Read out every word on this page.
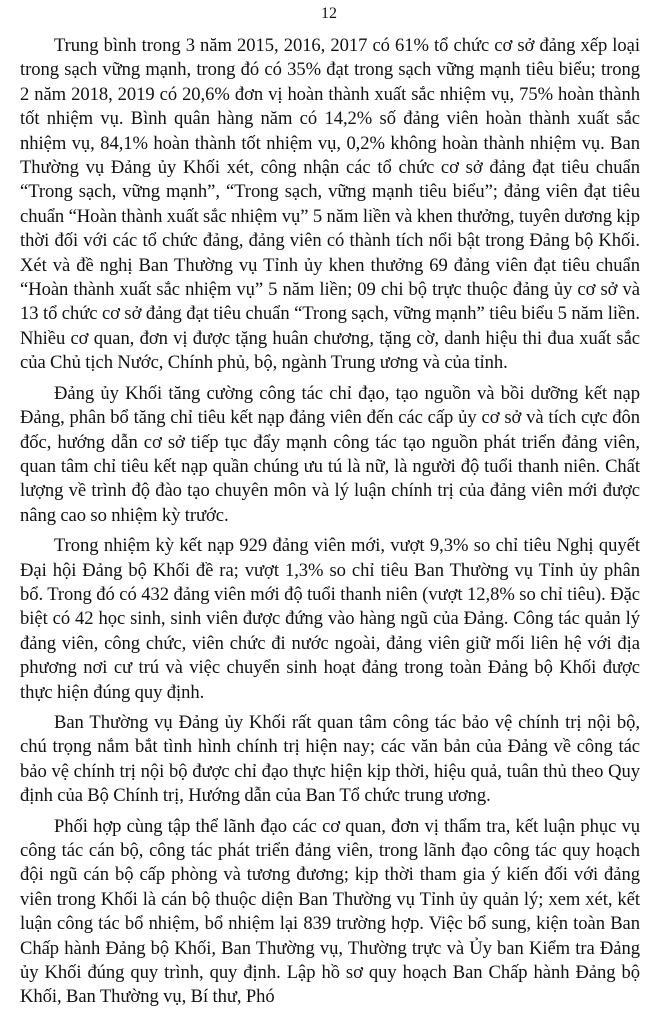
12

Trung bình trong 3 năm 2015, 2016, 2017 có 61% tổ chức cơ sở đảng xếp loại trong sạch vững mạnh, trong đó có 35% đạt trong sạch vững mạnh tiêu biểu; trong 2 năm 2018, 2019 có 20,6% đơn vị hoàn thành xuất sắc nhiệm vụ, 75% hoàn thành tốt nhiệm vụ. Bình quân hàng năm có 14,2% số đảng viên hoàn thành xuất sắc nhiệm vụ, 84,1% hoàn thành tốt nhiệm vụ, 0,2% không hoàn thành nhiệm vụ. Ban Thường vụ Đảng ủy Khối xét, công nhận các tổ chức cơ sở đảng đạt tiêu chuẩn “Trong sạch, vững mạnh”, “Trong sạch, vững mạnh tiêu biểu”; đảng viên đạt tiêu chuẩn “Hoàn thành xuất sắc nhiệm vụ” 5 năm liền và khen thưởng, tuyên dương kịp thời đối với các tổ chức đảng, đảng viên có thành tích nổi bật trong Đảng bộ Khối. Xét và đề nghị Ban Thường vụ Tỉnh ủy khen thưởng 69 đảng viên đạt tiêu chuẩn “Hoàn thành xuất sắc nhiệm vụ” 5 năm liền; 09 chi bộ trực thuộc đảng ủy cơ sở và 13 tổ chức cơ sở đảng đạt tiêu chuẩn “Trong sạch, vững mạnh” tiêu biểu 5 năm liền. Nhiều cơ quan, đơn vị được tặng huân chương, tặng cờ, danh hiệu thi đua xuất sắc của Chủ tịch Nước, Chính phủ, bộ, ngành Trung ương và của tỉnh.

Đảng ủy Khối tăng cường công tác chỉ đạo, tạo nguồn và bồi dưỡng kết nạp Đảng, phân bổ tăng chỉ tiêu kết nạp đảng viên đến các cấp ủy cơ sở và tích cực đôn đốc, hướng dẫn cơ sở tiếp tục đẩy mạnh công tác tạo nguồn phát triển đảng viên, quan tâm chỉ tiêu kết nạp quần chúng ưu tú là nữ, là người độ tuổi thanh niên. Chất lượng về trình độ đào tạo chuyên môn và lý luận chính trị của đảng viên mới được nâng cao so nhiệm kỳ trước.

Trong nhiệm kỳ kết nạp 929 đảng viên mới, vượt 9,3% so chỉ tiêu Nghị quyết Đại hội Đảng bộ Khối đề ra; vượt 1,3% so chỉ tiêu Ban Thường vụ Tỉnh ủy phân bổ. Trong đó có 432 đảng viên mới độ tuổi thanh niên (vượt 12,8% so chỉ tiêu). Đặc biệt có 42 học sinh, sinh viên được đứng vào hàng ngũ của Đảng. Công tác quản lý đảng viên, công chức, viên chức đi nước ngoài, đảng viên giữ mối liên hệ với địa phương nơi cư trú và việc chuyển sinh hoạt đảng trong toàn Đảng bộ Khối được thực hiện đúng quy định.

Ban Thường vụ Đảng ủy Khối rất quan tâm công tác bảo vệ chính trị nội bộ, chú trọng nắm bắt tình hình chính trị hiện nay; các văn bản của Đảng về công tác bảo vệ chính trị nội bộ được chỉ đạo thực hiện kịp thời, hiệu quả, tuân thủ theo Quy định của Bộ Chính trị, Hướng dẫn của Ban Tổ chức trung ương.

Phối hợp cùng tập thể lãnh đạo các cơ quan, đơn vị thẩm tra, kết luận phục vụ công tác cán bộ, công tác phát triển đảng viên, trong lãnh đạo công tác quy hoạch đội ngũ cán bộ cấp phòng và tương đương; kịp thời tham gia ý kiến đối với đảng viên trong Khối là cán bộ thuộc diện Ban Thường vụ Tỉnh ủy quản lý; xem xét, kết luận công tác bổ nhiệm, bổ nhiệm lại 839 trường hợp. Việc bổ sung, kiện toàn Ban Chấp hành Đảng bộ Khối, Ban Thường vụ, Thường trực và Ủy ban Kiểm tra Đảng ủy Khối đúng quy trình, quy định. Lập hồ sơ quy hoạch Ban Chấp hành Đảng bộ Khối, Ban Thường vụ, Bí thư, Phó
